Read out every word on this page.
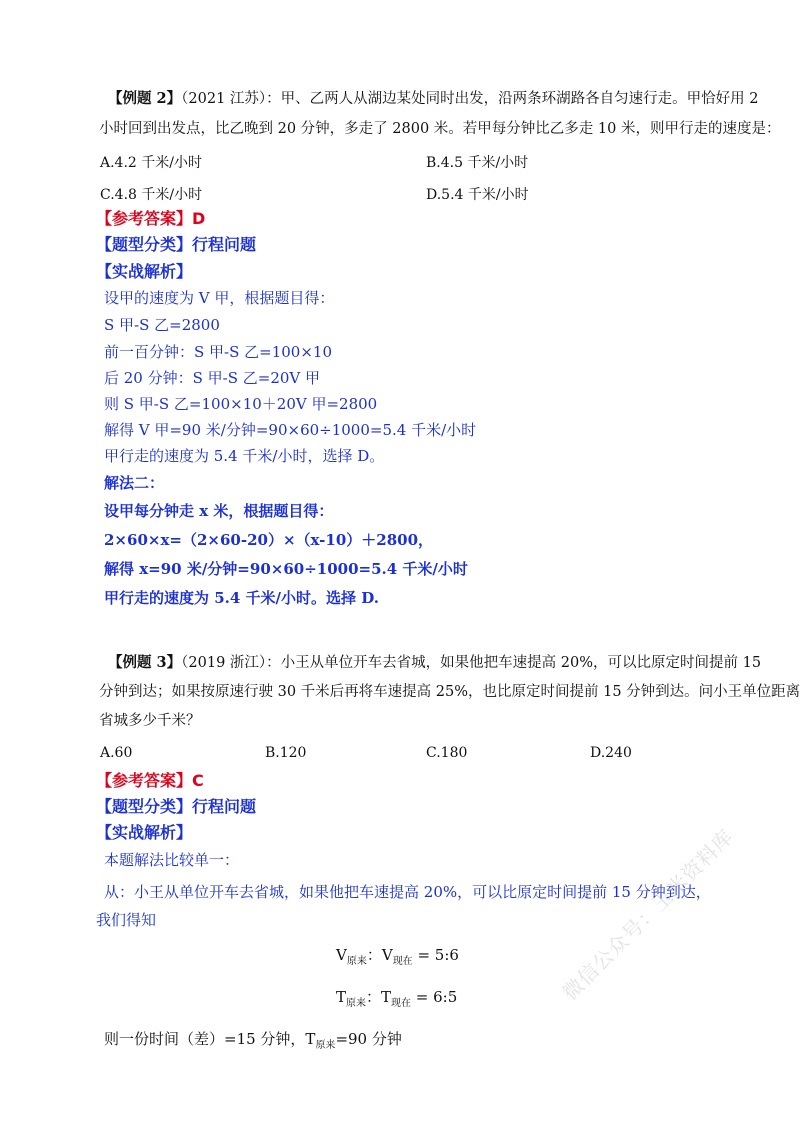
【例题 2】（2021 江苏）：甲、乙两人从湖边某处同时出发，沿两条环湖路各自匀速行走。甲恰好用 2
小时回到出发点，比乙晚到 20 分钟，多走了 2800 米。若甲每分钟比乙多走 10 米，则甲行走的速度是：
A.4.2 千米/小时	B.4.5 千米/小时
C.4.8 千米/小时	D.5.4 千米/小时
【参考答案】D
【题型分类】行程问题
【实战解析】
设甲的速度为 V 甲，根据题目得：
S 甲-S 乙=2800
前一百分钟：S 甲-S 乙=100×10
后 20 分钟：S 甲-S 乙=20V 甲
则 S 甲-S 乙=100×10＋20V 甲=2800
解得 V 甲=90 米/分钟=90×60÷1000=5.4 千米/小时
甲行走的速度为 5.4 千米/小时，选择 D。
解法二：
设甲每分钟走 x 米，根据题目得：
2×60×x=（2×60-20）×（x-10）＋2800，
解得 x=90 米/分钟=90×60÷1000=5.4 千米/小时
甲行走的速度为 5.4 千米/小时。选择 D.
【例题 3】（2019 浙江）：小王从单位开车去省城，如果他把车速提高 20%，可以比原定时间提前 15
分钟到达；如果按原速行驶 30 千米后再将车速提高 25%，也比原定时间提前 15 分钟到达。问小王单位距离
省城多少千米？
A.60	B.120	C.180	D.240
【参考答案】C
【题型分类】行程问题
【实战解析】
本题解法比较单一：
从：小王从单位开车去省城，如果他把车速提高 20%，可以比原定时间提前 15 分钟到达，
我们得知
$V_{原来}$：$V_{现在}$ = 5:6
$T_{原来}$：$T_{现在}$ = 6:5
则一份时间（差）=15 分钟，$T_{原来}=90$ 分钟
微信公众号：玉米资料库
